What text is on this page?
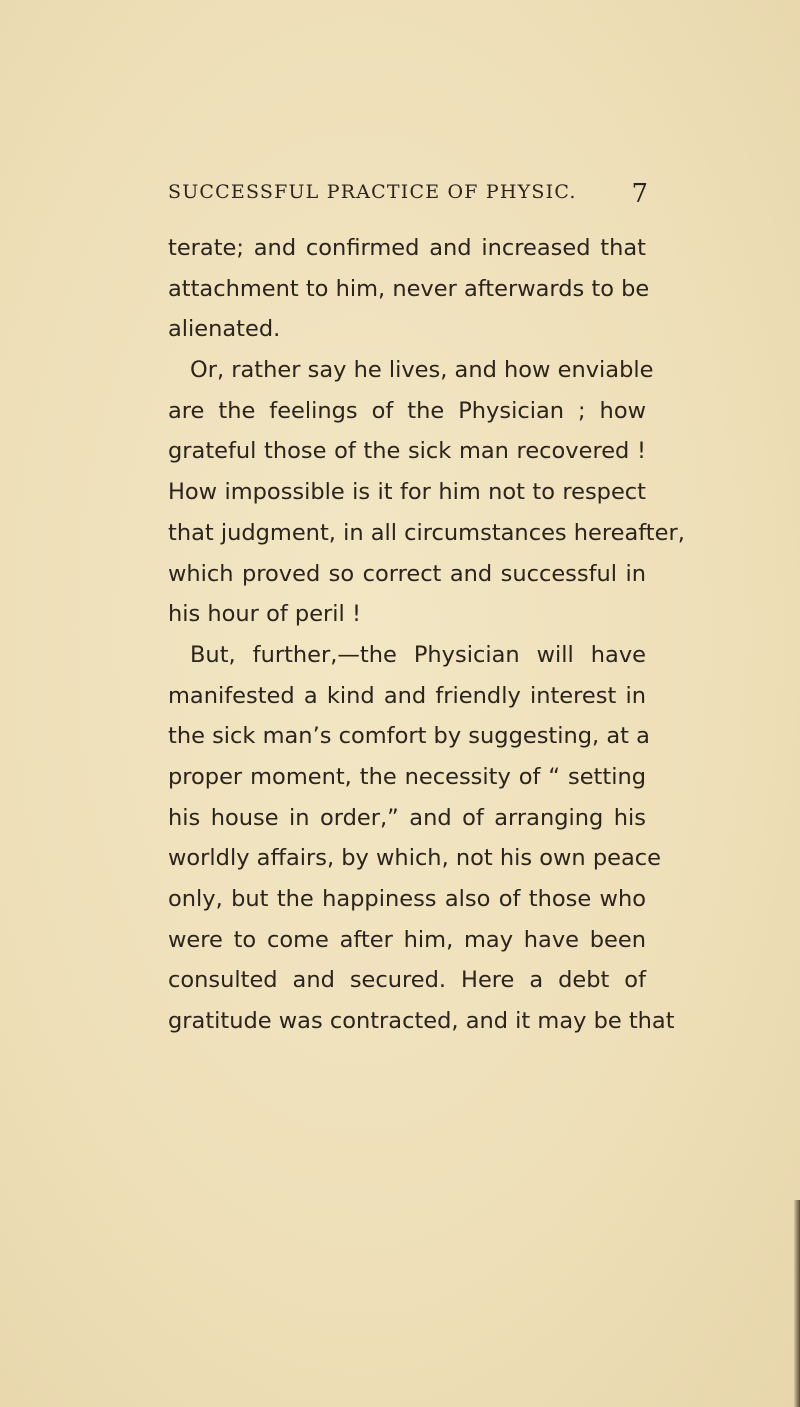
SUCCESSFUL PRACTICE OF PHYSIC. 7
terate; and confirmed and increased that
attachment to him, never afterwards to be
alienated.
Or, rather say he lives, and how enviable
are the feelings of the Physician ; how
grateful those of the sick man recovered !
How impossible is it for him not to respect
that judgment, in all circumstances hereafter,
which proved so correct and successful in
his hour of peril !
But, further,—the Physician will have
manifested a kind and friendly interest in
the sick man’s comfort by suggesting, at a
proper moment, the necessity of “ setting
his house in order,” and of arranging his
worldly affairs, by which, not his own peace
only, but the happiness also of those who
were to come after him, may have been
consulted and secured. Here a debt of
gratitude was contracted, and it may be that
